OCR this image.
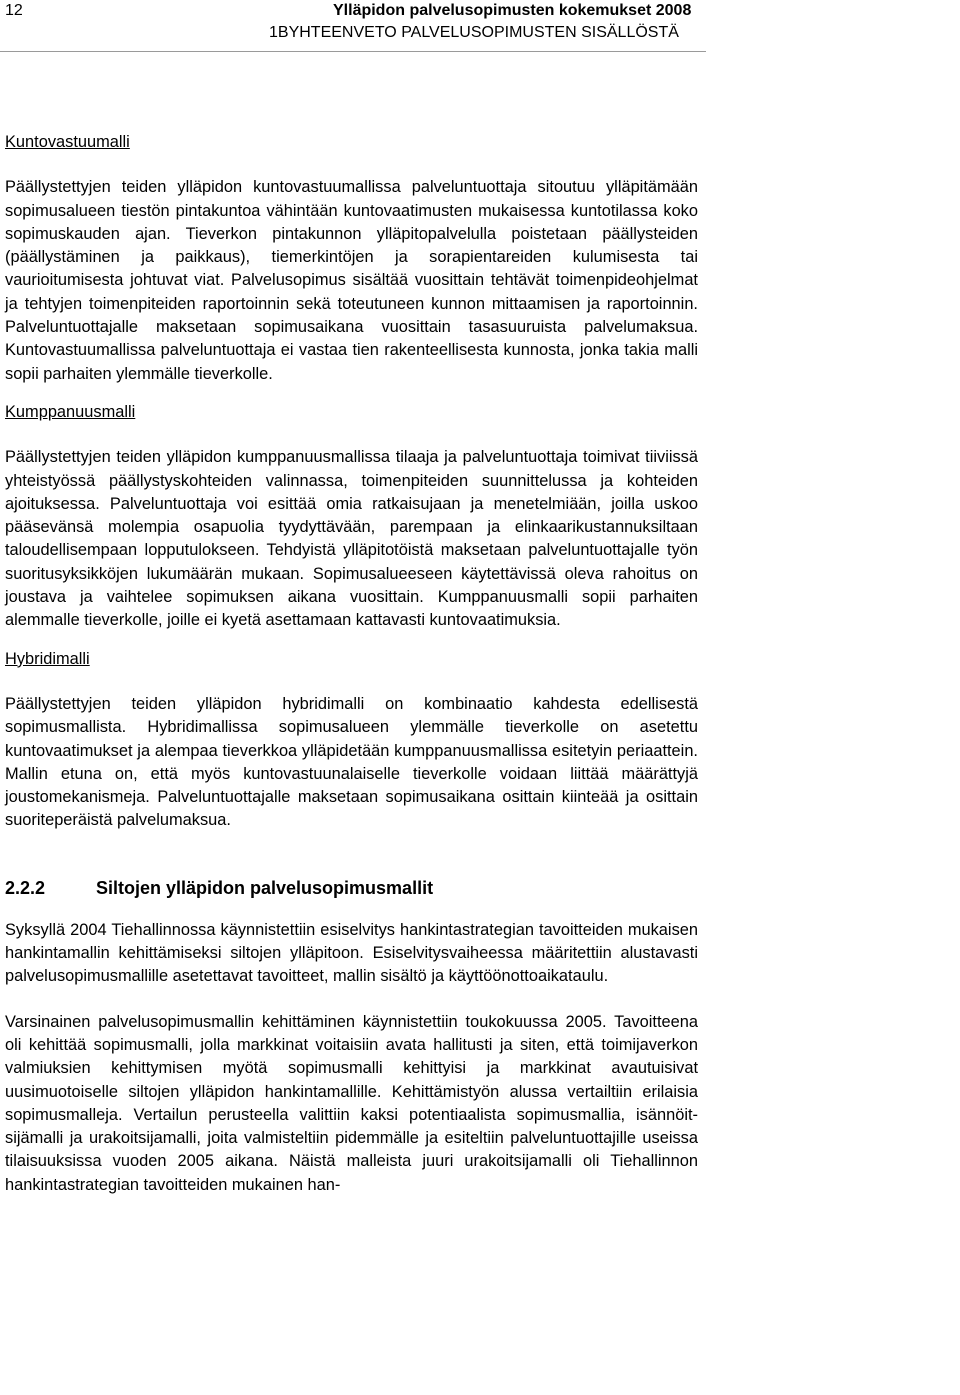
12	Ylläpidon palvelusopimusten kokemukset 2008
1BYHTEENVETO PALVELUSOPIMUSTEN SISÄLLÖSTÄ

Kuntovastuumalli

Päällystettyjen teiden ylläpidon kuntovastuumallissa palveluntuottaja sitoutuu ylläpitämään sopimusalueen tiestön pintakuntoa vähintään kuntovaatimusten mukaisessa kuntotilassa koko sopimuskauden ajan. Tieverkon pintakunnon ylläpitopalvelulla poistetaan päällysteiden (päällystäminen ja paikkaus), tiemerkintöjen ja sorapientareiden kulumisesta tai vaurioitumisesta johtuvat viat. Palvelusopimus sisältää vuosittain tehtävät toimenpideohjelmat ja tehtyjen toimenpiteiden raportoinnin sekä toteutuneen kunnon mittaamisen ja raportoinnin. Palveluntuottajalle maksetaan sopimusaikana vuosittain tasasuuruista palvelumaksua. Kuntovastuumallissa palveluntuottaja ei vastaa tien rakenteellisesta kunnosta, jonka takia malli sopii parhaiten ylemmälle tieverkolle.

Kumppanuusmalli

Päällystettyjen teiden ylläpidon kumppanuusmallissa tilaaja ja palveluntuottaja toimivat tiiviissä yhteistyössä päällystyskohteiden valinnassa, toimenpiteiden suunnittelussa ja kohteiden ajoituksessa. Palveluntuottaja voi esittää omia ratkaisujaan ja menetelmiään, joilla uskoo pääsevänsä molempia osapuolia tyydyttävään, parempaan ja elinkaarikustannuksiltaan taloudellisempaan lopputulokseen. Tehdyistä ylläpitotöistä maksetaan palveluntuottajalle työn suoritusyksikköjen lukumäärän mukaan. Sopimusalueeseen käytettävissä oleva rahoitus on joustava ja vaihtelee sopimuksen aikana vuosittain. Kumppanuusmalli sopii parhaiten alemmalle tieverkolle, joille ei kyetä asettamaan kattavasti kuntovaatimuksia.

Hybridimalli

Päällystettyjen teiden ylläpidon hybridimalli on kombinaatio kahdesta edellisestä sopimusmallista. Hybridimallissa sopimusalueen ylemmälle tieverkolle on asetettu kuntovaatimukset ja alempaa tieverkkoa ylläpidetään kumppanuusmallissa esitetyin periaattein. Mallin etuna on, että myös kuntovastuunalaiselle tieverkolle voidaan liittää määrättyjä joustomekanismeja. Palveluntuottajalle maksetaan sopimusaikana osittain kiinteää ja osittain suoriteperäistä palvelumaksua.

2.2.2	Siltojen ylläpidon palvelusopimusmallit

Syksyllä 2004 Tiehallinnossa käynnistettiin esiselvitys hankintastrategian tavoitteiden mukaisen hankintamallin kehittämiseksi siltojen ylläpitoon. Esiselvitysvaiheessa määritettiin alustavasti palvelusopimusmallille asetettavat tavoitteet, mallin sisältö ja käyttöönottoaikataulu.

Varsinainen palvelusopimusmallin kehittäminen käynnistettiin toukokuussa 2005. Tavoitteena oli kehittää sopimusmalli, jolla markkinat voitaisiin avata hallitusti ja siten, että toimijaverkon valmiuksien kehittymisen myötä sopimusmalli kehittyisi ja markkinat avautuisivat uusimuotoiselle siltojen ylläpidon hankintamallille. Kehittämistyön alussa vertailtiin erilaisia sopimusmalleja. Vertailun perusteella valittiin kaksi potentiaalista sopimusmallia, isännöitsijämalli ja urakoitsijamalli, joita valmisteltiin pidemmälle ja esiteltiin palveluntuottajille useissa tilaisuuksissa vuoden 2005 aikana. Näistä malleista juuri urakoitsijamalli oli Tiehallinnon hankintastrategian tavoitteiden mukainen han-
